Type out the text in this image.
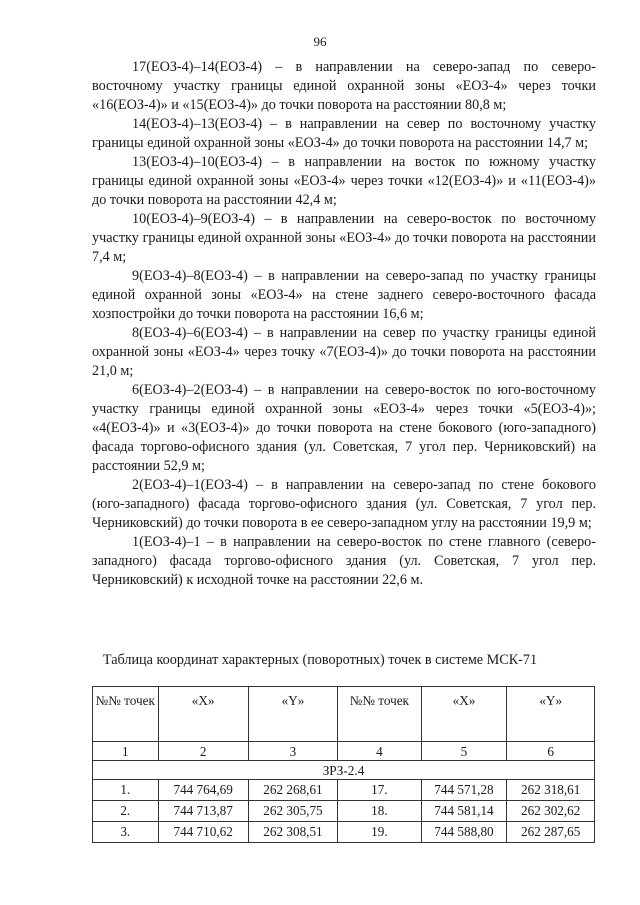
96

17(ЕОЗ-4)–14(ЕОЗ-4) – в направлении на северо-запад по северо-восточному участку границы единой охранной зоны «ЕОЗ-4» через точки «16(ЕОЗ-4)» и «15(ЕОЗ-4)» до точки поворота на расстоянии 80,8 м;

14(ЕОЗ-4)–13(ЕОЗ-4) – в направлении на север по восточному участку границы единой охранной зоны «ЕОЗ-4» до точки поворота на расстоянии 14,7 м;

13(ЕОЗ-4)–10(ЕОЗ-4) – в направлении на восток по южному участку границы единой охранной зоны «ЕОЗ-4» через точки «12(ЕОЗ-4)» и «11(ЕОЗ-4)» до точки поворота на расстоянии 42,4 м;

10(ЕОЗ-4)–9(ЕОЗ-4) – в направлении на северо-восток по восточному участку границы единой охранной зоны «ЕОЗ-4» до точки поворота на расстоянии 7,4 м;

9(ЕОЗ-4)–8(ЕОЗ-4) – в направлении на северо-запад по участку границы единой охранной зоны «ЕОЗ-4» на стене заднего северо-восточного фасада хозпостройки до точки поворота на расстоянии 16,6 м;

8(ЕОЗ-4)–6(ЕОЗ-4) – в направлении на север по участку границы единой охранной зоны «ЕОЗ-4» через точку «7(ЕОЗ-4)» до точки поворота на расстоянии 21,0 м;

6(ЕОЗ-4)–2(ЕОЗ-4) – в направлении на северо-восток по юго-восточному участку границы единой охранной зоны «ЕОЗ-4» через точки «5(ЕОЗ-4)»; «4(ЕОЗ-4)» и «3(ЕОЗ-4)» до точки поворота на стене бокового (юго-западного) фасада торгово-офисного здания (ул. Советская, 7 угол пер. Черниковский) на расстоянии 52,9 м;

2(ЕОЗ-4)–1(ЕОЗ-4) – в направлении на северо-запад по стене бокового (юго-западного) фасада торгово-офисного здания (ул. Советская, 7 угол пер. Черниковский) до точки поворота в ее северо-западном углу на расстоянии 19,9 м;

1(ЕОЗ-4)–1 – в направлении на северо-восток по стене главного (северо-западного) фасада торгово-офисного здания (ул. Советская, 7 угол пер. Черниковский) к исходной точке на расстоянии 22,6 м.

Таблица координат характерных (поворотных) точек в системе МСК-71
№№ точек	«X»	«Y»	№№ точек	«X»	«Y»
1	2	3	4	5	6
ЗРЗ-2.4					
1.	744 764,69	262 268,61	17.	744 571,28	262 318,61
2.	744 713,87	262 305,75	18.	744 581,14	262 302,62
3.	744 710,62	262 308,51	19.	744 588,80	262 287,65
